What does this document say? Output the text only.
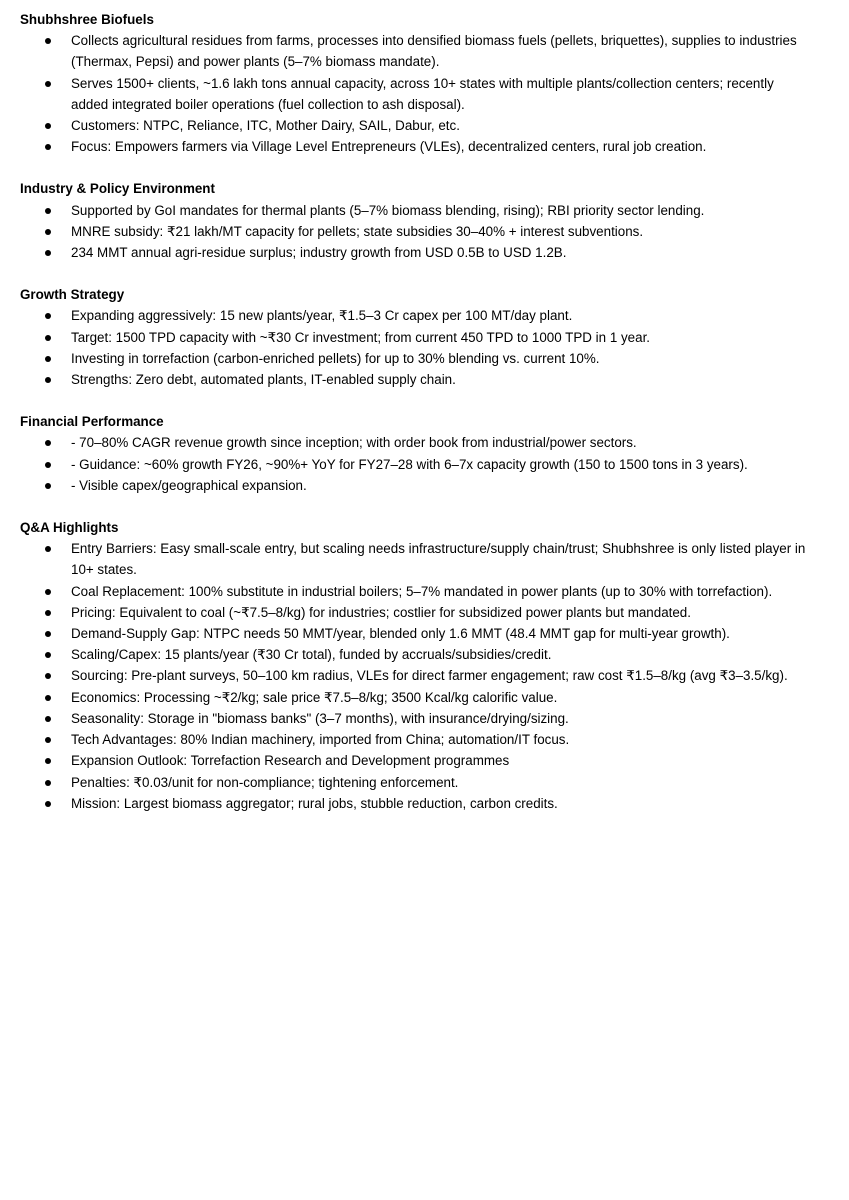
Shubhshree Biofuels
Collects agricultural residues from farms, processes into densified biomass fuels (pellets, briquettes), supplies to industries (Thermax, Pepsi) and power plants (5–7% biomass mandate).
Serves 1500+ clients, ~1.6 lakh tons annual capacity, across 10+ states with multiple plants/collection centers; recently added integrated boiler operations (fuel collection to ash disposal).
Customers: NTPC, Reliance, ITC, Mother Dairy, SAIL, Dabur, etc.
Focus: Empowers farmers via Village Level Entrepreneurs (VLEs), decentralized centers, rural job creation.
Industry & Policy Environment
Supported by GoI mandates for thermal plants (5–7% biomass blending, rising); RBI priority sector lending.
MNRE subsidy: ₹21 lakh/MT capacity for pellets; state subsidies 30–40% + interest subventions.
234 MMT annual agri-residue surplus; industry growth from USD 0.5B to USD 1.2B.
Growth Strategy
Expanding aggressively: 15 new plants/year, ₹1.5–3 Cr capex per 100 MT/day plant.
Target: 1500 TPD capacity with ~₹30 Cr investment; from current 450 TPD to 1000 TPD in 1 year.
Investing in torrefaction (carbon-enriched pellets) for up to 30% blending vs. current 10%.
Strengths: Zero debt, automated plants, IT-enabled supply chain.
Financial Performance
- 70–80% CAGR revenue growth since inception; with order book from industrial/power sectors.
- Guidance: ~60% growth FY26, ~90%+ YoY for FY27–28 with 6–7x capacity growth (150 to 1500 tons in 3 years).
- Visible capex/geographical expansion.
Q&A Highlights
Entry Barriers: Easy small-scale entry, but scaling needs infrastructure/supply chain/trust; Shubhshree is only listed player in 10+ states.
Coal Replacement: 100% substitute in industrial boilers; 5–7% mandated in power plants (up to 30% with torrefaction).
Pricing: Equivalent to coal (~₹7.5–8/kg) for industries; costlier for subsidized power plants but mandated.
Demand-Supply Gap: NTPC needs 50 MMT/year, blended only 1.6 MMT (48.4 MMT gap for multi-year growth).
Scaling/Capex: 15 plants/year (₹30 Cr total), funded by accruals/subsidies/credit.
Sourcing: Pre-plant surveys, 50–100 km radius, VLEs for direct farmer engagement; raw cost ₹1.5–8/kg (avg ₹3–3.5/kg).
Economics: Processing ~₹2/kg; sale price ₹7.5–8/kg; 3500 Kcal/kg calorific value.
Seasonality: Storage in "biomass banks" (3–7 months), with insurance/drying/sizing.
Tech Advantages: 80% Indian machinery, imported from China; automation/IT focus.
Expansion Outlook: Torrefaction Research and Development programmes
Penalties: ₹0.03/unit for non-compliance; tightening enforcement.
Mission: Largest biomass aggregator; rural jobs, stubble reduction, carbon credits.
